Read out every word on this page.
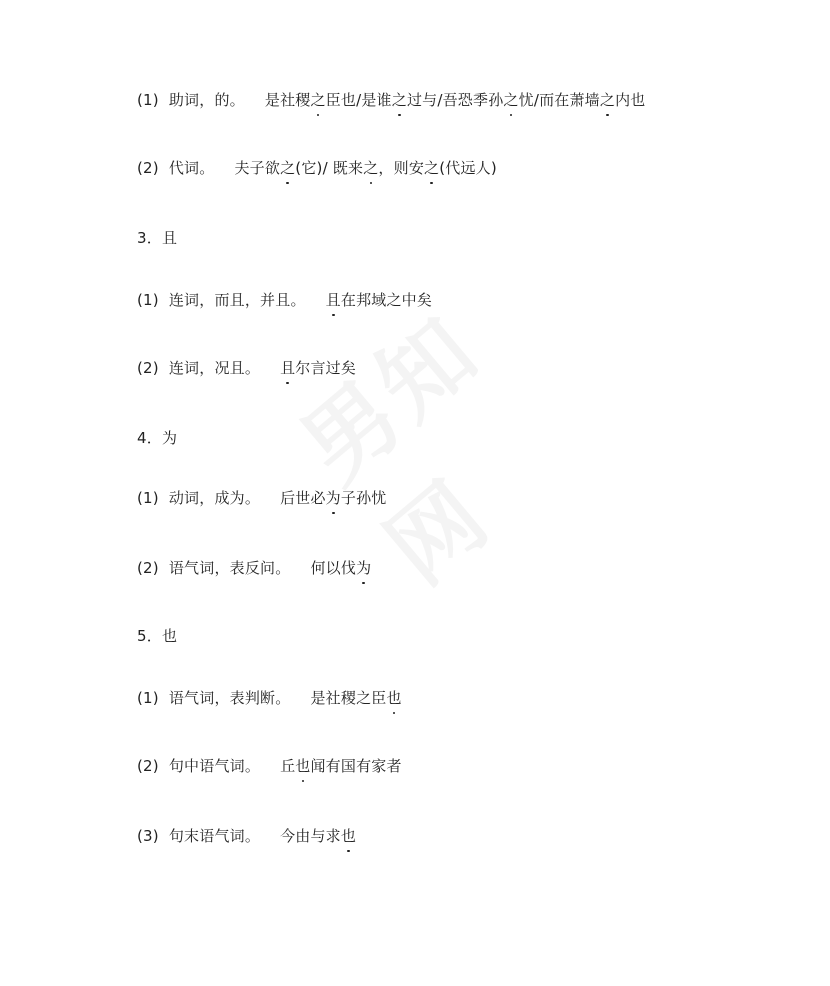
(1) 助词，的。 是社稷之臣也/是谁之过与/吾恐季孙之忧/而在萧墙之内也
(2) 代词。 夫子欲之(它)/ 既来之，则安之(代远人)
3．且
(1) 连词，而且，并且。 且在邦域之中矣
(2) 连词，况且。 且尔言过矣
4．为
(1) 动词，成为。 后世必为子孙忧
(2) 语气词，表反问。 何以伐为
5．也
(1) 语气词，表判断。 是社稷之臣也
(2) 句中语气词。 丘也闻有国有家者
(3) 句末语气词。 今由与求也
